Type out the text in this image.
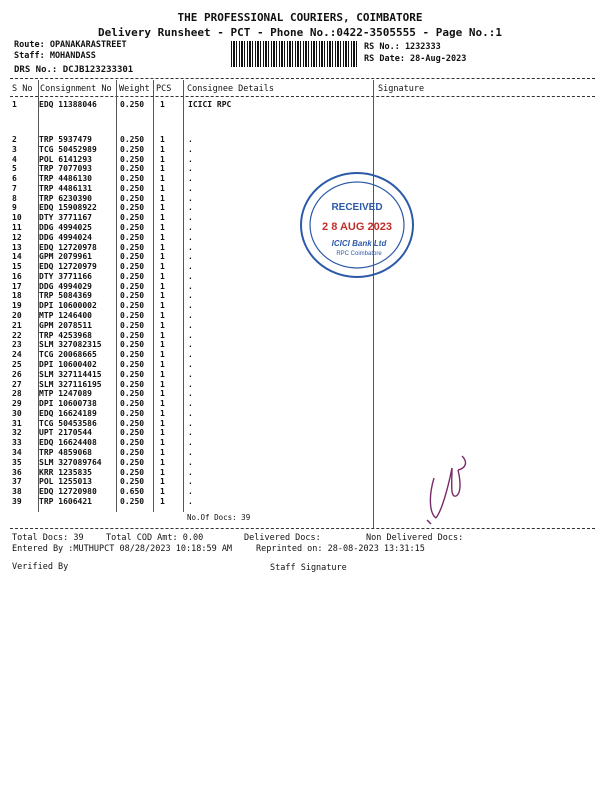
THE PROFESSIONAL COURIERS, COIMBATORE
Delivery Runsheet - PCT - Phone No.:0422-3505555 - Page No.:1
Route: OPANAKARASTREET
Staff: MOHANDASS
DRS No.: DCJB123233301
RS No.: 1232333
RS Date: 28-Aug-2023
S No Consignment No Weight PCS Consignee Details	Signature
1	EDQ 11388046	0.250 1	ICICI RPC
2	TRP 5937479	0.250 1	.
3	TCG 50452989	0.250 1	.
4	POL 6141293	0.250 1	.
5	TRP 7077093	0.250 1	.
6	TRP 4486130	0.250 1	.
7	TRP 4486131	0.250 1	.
8	TRP 6230390	0.250 1	.
9	EDQ 15908922	0.250 1	.
10 DTY 3771167	0.250 1	.
11 DDG 4994025	0.250 1	.
12 DDG 4994024	0.250 1	.
13 EDQ 12720978	0.250 1	.
14 GPM 2079961	0.250 1	.
15 EDQ 12720979	0.250 1	.
16 DTY 3771166	0.250 1	.
17 DDG 4994029	0.250 1	.
18 TRP 5084369	0.250 1	.
19 DPI 10600002	0.250 1	.
20 MTP 1246400	0.250 1	.
21 GPM 2078511	0.250 1	.
22 TRP 4253968	0.250 1	.
23 SLM 327082315 0.250 1	.
24 TCG 20068665	0.250 1	.
25 DPI 10600402	0.250 1	.
26 SLM 327114415 0.250 1	.
27 SLM 327116195 0.250 1	.
28 MTP 1247089	0.250 1	.
29 DPI 10600738	0.250 1	.
30 EDQ 16624189	0.250 1	.
31 TCG 50453586	0.250 1	.
32 UPT 2170544	0.250 1	.
33 EDQ 16624408	0.250 1	.
34 TRP 4859068	0.250 1	.
35 SLM 327089764 0.250 1	.
36 KRR 1235835	0.250 1	.
37 POL 1255013	0.250 1	.
38 EDQ 12720980	0.650 1	.
39 TRP 1606421	0.250 1	.
No.Of Docs: 39
RECEIVED
2 8 AUG 2023
ICICI Bank Ltd
RPC Coimbatore
Total Docs: 39	Total COD Amt: 0.00	Delivered Docs:	Non Delivered Docs:
Entered By :MUTHUPCT 08/28/2023 10:18:59 AM	Reprinted on: 28-08-2023 13:31:15
Verified By	Staff Signature
